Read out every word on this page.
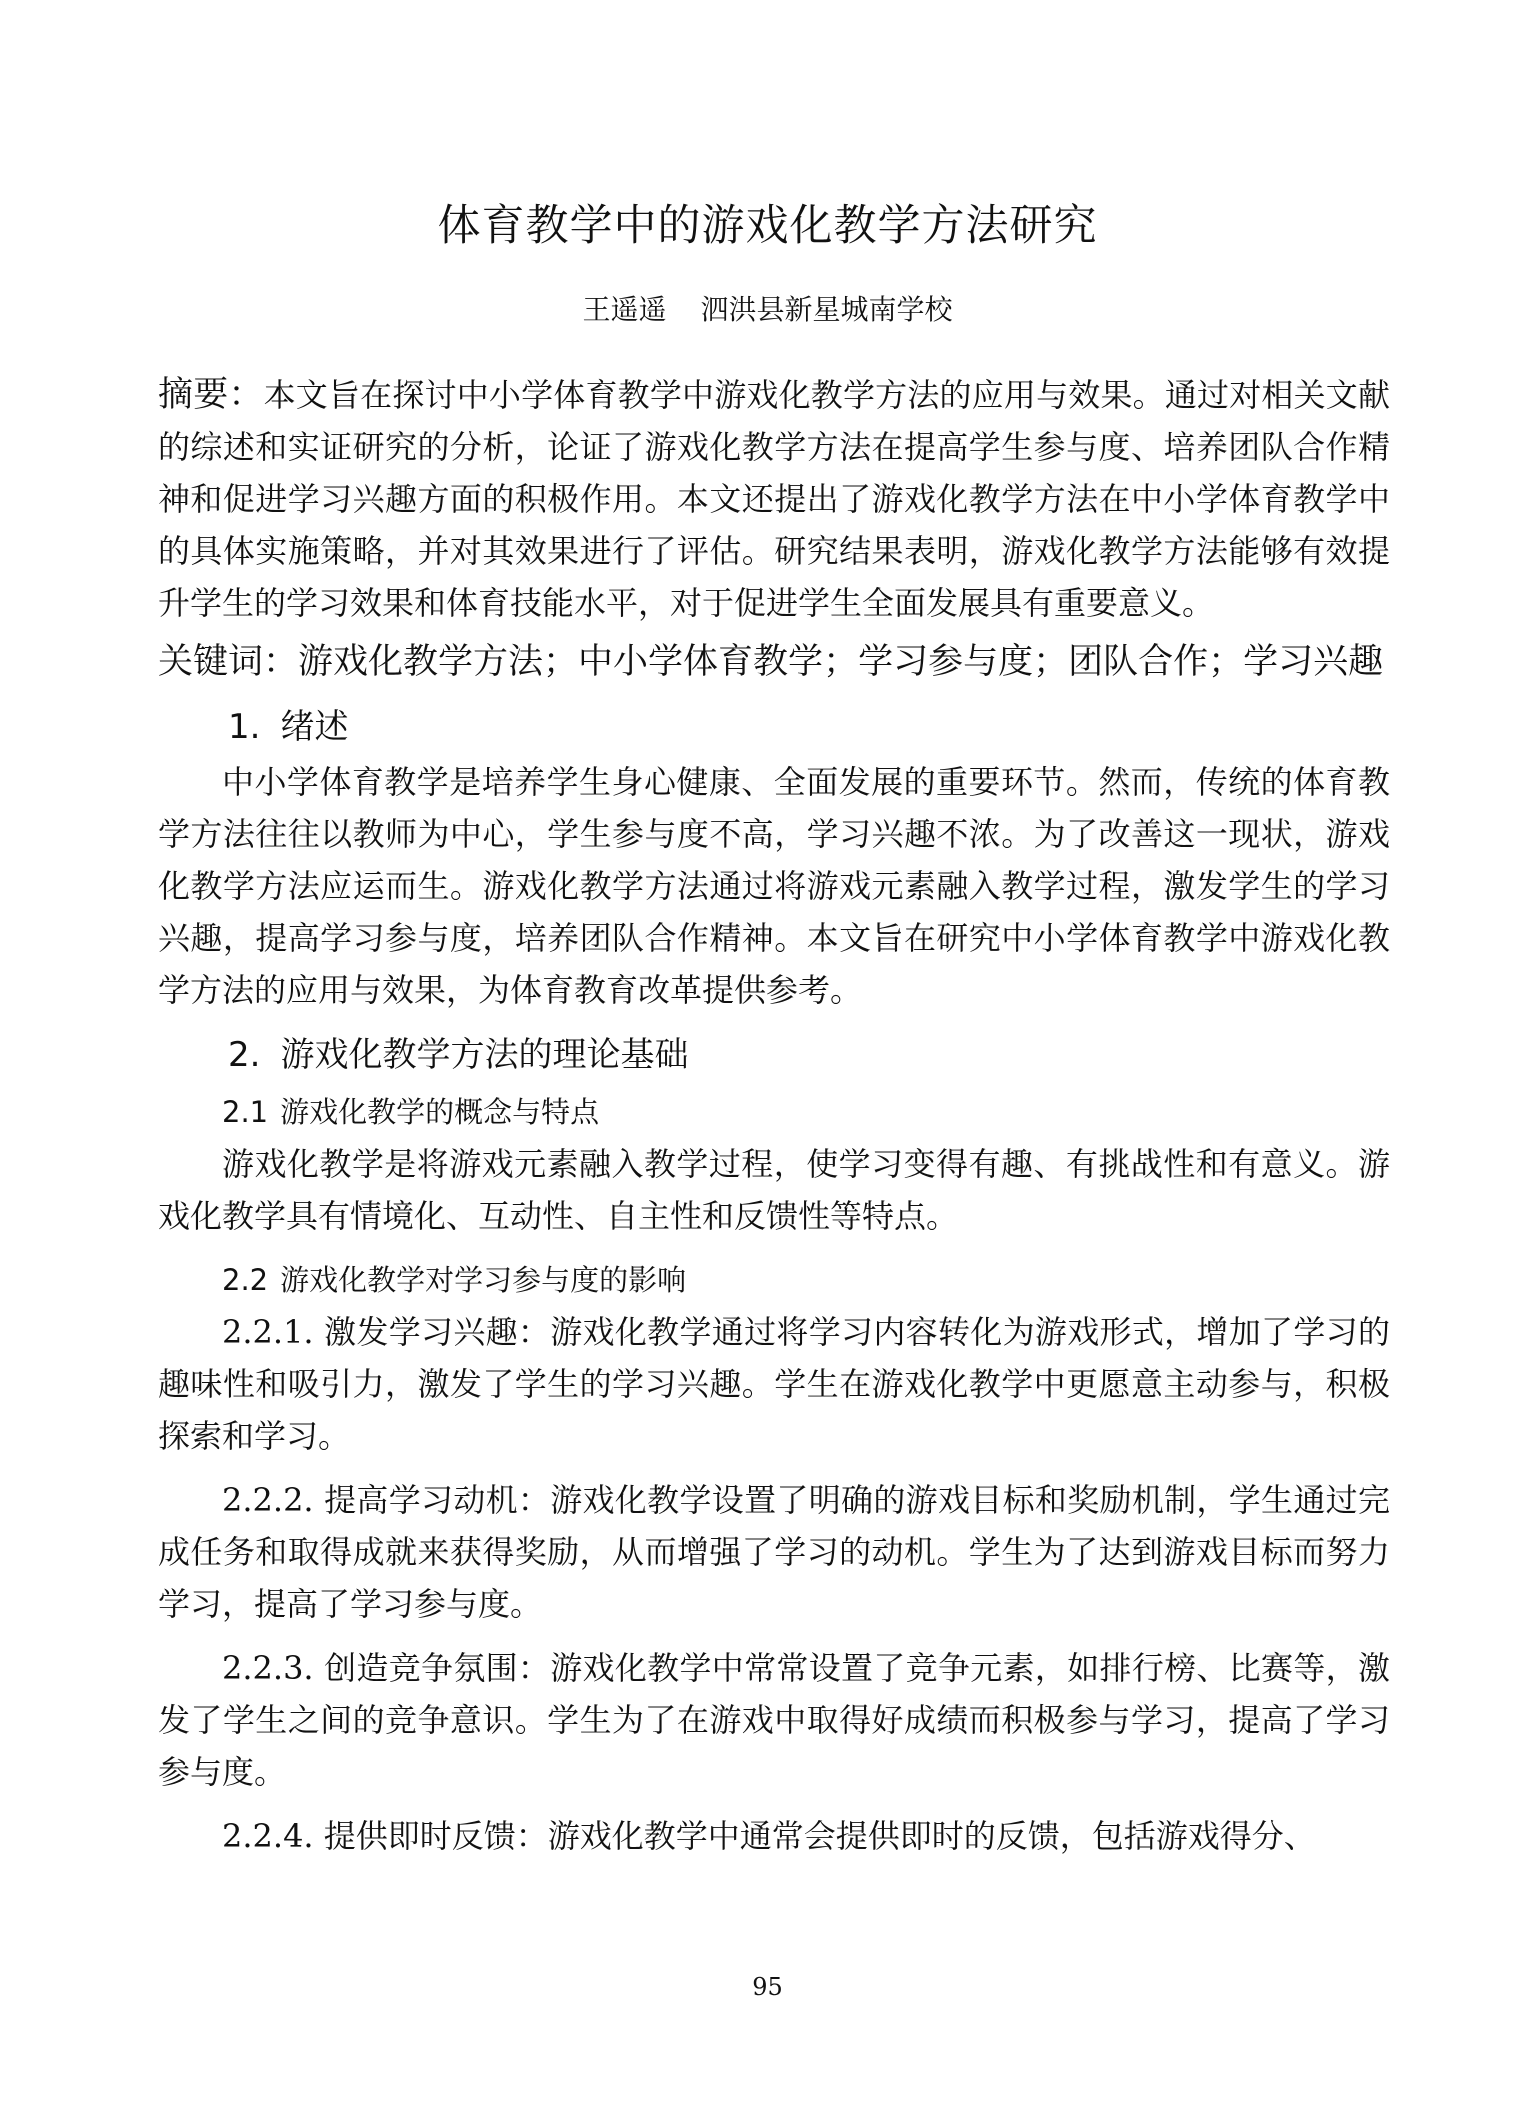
体育教学中的游戏化教学方法研究
王遥遥 泗洪县新星城南学校

摘要：本文旨在探讨中小学体育教学中游戏化教学方法的应用与效果。通过对相关文献的综述和实证研究的分析，论证了游戏化教学方法在提高学生参与度、培养团队合作精神和促进学习兴趣方面的积极作用。本文还提出了游戏化教学方法在中小学体育教学中的具体实施策略，并对其效果进行了评估。研究结果表明，游戏化教学方法能够有效提升学生的学习效果和体育技能水平，对于促进学生全面发展具有重要意义。

关键词：游戏化教学方法 ； 中小学体育教学 ； 学习参与度 ； 团队合作 ； 学习兴趣
1. 绪述

中小学体育教学是培养学生身心健康、全面发展的重要环节。然而，传统的体育教学方法往往以教师为中心，学生参与度不高，学习兴趣不浓。为了改善这一现状，游戏化教学方法应运而生。游戏化教学方法通过将游戏元素融入教学过程，激发学生的学习兴趣，提高学习参与度，培养团队合作精神。本文旨在研究中小学体育教学中游戏化教学方法的应用与效果，为体育教育改革提供参考。

2. 游戏化教学方法的理论基础
2.1 游戏化教学的概念与特点

游戏化教学是将游戏元素融入教学过程，使学习变得有趣、有挑战性和有意义。游戏化教学具有情境化、互动性、自主性和反馈性等特点。

2.2 游戏化教学对学习参与度的影响

2.2.1. 激发学习兴趣：游戏化教学通过将学习内容转化为游戏形式，增加了学习的趣味性和吸引力，激发了学生的学习兴趣。学生在游戏化教学中更愿意主动参与，积极探索和学习。

2.2.2. 提高学习动机：游戏化教学设置了明确的游戏目标和奖励机制，学生通过完成任务和取得成就来获得奖励，从而增强了学习的动机。学生为了达到游戏目标而努力学习，提高了学习参与度。

2.2.3. 创造竞争氛围：游戏化教学中常常设置了竞争元素，如排行榜、比赛等，激发了学生之间的竞争意识。学生为了在游戏中取得好成绩而积极参与学习，提高了学习参与度。

2.2.4. 提供即时反馈：游戏化教学中通常会提供即时的反馈，包括游戏得分、

95
